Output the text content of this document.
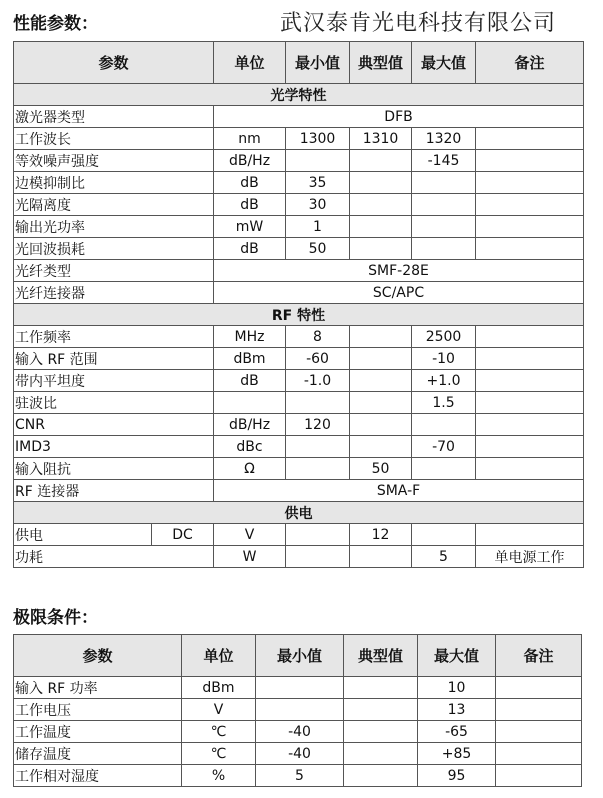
性能参数：	武汉泰肯光电科技有限公司
参数		单位	最小值	典型值	最大值	备注
光学特性						
激光器类型		DFB				
工作波长		nm	1300	1310	1320	
等效噪声强度		dB/Hz			-145	
边模抑制比		dB	35			
光隔离度		dB	30			
输出光功率		mW	1			
光回波损耗		dB	50			
光纤类型		SMF-28E				
光纤连接器		SC/APC				
RF 特性						
工作频率		MHz	8		2500	
输入 RF 范围		dBm	-60		-10	
带内平坦度		dB	-1.0		+1.0	
驻波比					1.5	
CNR		dB/Hz	120			
IMD3		dBc			-70	
输入阻抗		Ω		50		
RF 连接器		SMA-F				
供电						
供电	DC	V		12		
功耗		W			5	单电源工作
极限条件：
参数	单位	最小值	典型值	最大值	备注
输入 RF 功率	dBm			10	
工作电压	V			13	
工作温度	℃	-40		-65	
储存温度	℃	-40		+85	
工作相对湿度	%	5		95	
